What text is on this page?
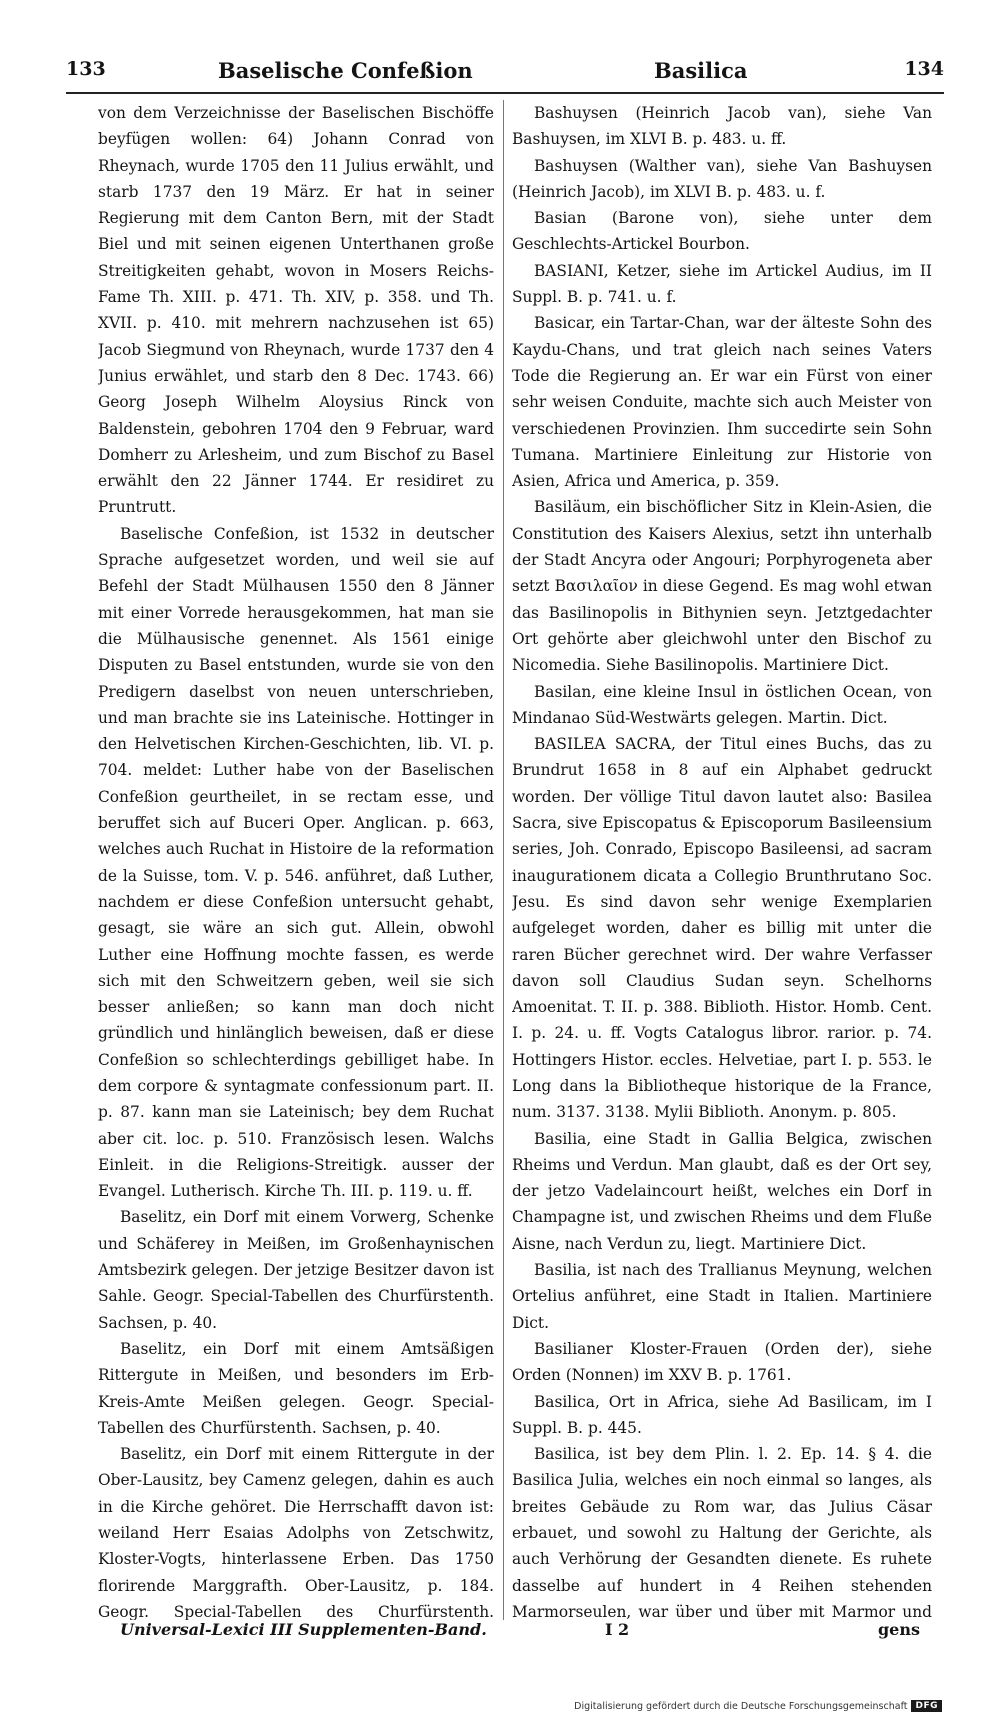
133	Baselische Confeßion	Basilica	134

von dem Verzeichnisse der Baselischen Bischöffe beyfügen wollen: 64) Johann Conrad von Rheynach, wurde 1705 den 11 Julius erwählt, und starb 1737 den 19 März. Er hat in seiner Regierung mit dem Canton Bern, mit der Stadt Biel und mit seinen eigenen Unterthanen große Streitigkeiten gehabt, wovon in Mosers Reichs-Fame Th. XIII. p. 471. Th. XIV, p. 358. und Th. XVII. p. 410. mit mehrern nachzusehen ist 65) Jacob Siegmund von Rheynach, wurde 1737 den 4 Junius erwählet, und starb den 8 Dec. 1743. 66) Georg Joseph Wilhelm Aloysius Rinck von Baldenstein, gebohren 1704 den 9 Februar, ward Domherr zu Arlesheim, und zum Bischof zu Basel erwählt den 22 Jänner 1744. Er residiret zu Pruntrutt.

Baselische Confeßion, ist 1532 in deutscher Sprache aufgesetzet worden, und weil sie auf Befehl der Stadt Mülhausen 1550 den 8 Jänner mit einer Vorrede herausgekommen, hat man sie die Mülhausische genennet. Als 1561 einige Disputen zu Basel entstunden, wurde sie von den Predigern daselbst von neuen unterschrieben, und man brachte sie ins Lateinische. Hottinger in den Helvetischen Kirchen-Geschichten, lib. VI. p. 704. meldet: Luther habe von der Baselischen Confeßion geurtheilet, in se rectam esse, und beruffet sich auf Buceri Oper. Anglican. p. 663, welches auch Ruchat in Histoire de la reformation de la Suisse, tom. V. p. 546. anführet, daß Luther, nachdem er diese Confeßion untersucht gehabt, gesagt, sie wäre an sich gut. Allein, obwohl Luther eine Hoffnung mochte fassen, es werde sich mit den Schweitzern geben, weil sie sich besser anließen; so kann man doch nicht gründlich und hinlänglich beweisen, daß er diese Confeßion so schlechterdings gebilliget habe. In dem corpore & syntagmate confessionum part. II. p. 87. kann man sie Lateinisch; bey dem Ruchat aber cit. loc. p. 510. Französisch lesen. Walchs Einleit. in die Religions-Streitigk. ausser der Evangel. Lutherisch. Kirche Th. III. p. 119. u. ff.

Baselitz, ein Dorf mit einem Vorwerg, Schenke und Schäferey in Meißen, im Großenhaynischen Amtsbezirk gelegen. Der jetzige Besitzer davon ist Sahle. Geogr. Special-Tabellen des Churfürstenth. Sachsen, p. 40.

Baselitz, ein Dorf mit einem Amtsäßigen Rittergute in Meißen, und besonders im Erb-Kreis-Amte Meißen gelegen. Geogr. Special-Tabellen des Churfürstenth. Sachsen, p. 40.

Baselitz, ein Dorf mit einem Rittergute in der Ober-Lausitz, bey Camenz gelegen, dahin es auch in die Kirche gehöret. Die Herrschafft davon ist: weiland Herr Esaias Adolphs von Zetschwitz, Kloster-Vogts, hinterlassene Erben. Das 1750 florirende Marggrafth. Ober-Lausitz, p. 184. Geogr. Special-Tabellen des Churfürstenth.

Bashuysen (Heinrich Jacob van), siehe Van Bashuysen, im XLVI B. p. 483. u. ff.

Bashuysen (Walther van), siehe Van Bashuysen (Heinrich Jacob), im XLVI B. p. 483. u. f.

Basian (Barone von), siehe unter dem Geschlechts-Artickel Bourbon.

BASIANI, Ketzer, siehe im Artickel Audius, im II Suppl. B. p. 741. u. f.

Basicar, ein Tartar-Chan, war der älteste Sohn des Kaydu-Chans, und trat gleich nach seines Vaters Tode die Regierung an. Er war ein Fürst von einer sehr weisen Conduite, machte sich auch Meister von verschiedenen Provinzien. Ihm succedirte sein Sohn Tumana. Martiniere Einleitung zur Historie von Asien, Africa und America, p. 359.

Basiläum, ein bischöflicher Sitz in Klein-Asien, die Constitution des Kaisers Alexius, setzt ihn unterhalb der Stadt Ancyra oder Angouri; Porphyrogeneta aber setzt Βασιλαῖον in diese Gegend. Es mag wohl etwan das Basilinopolis in Bithynien seyn. Jetztgedachter Ort gehörte aber gleichwohl unter den Bischof zu Nicomedia. Siehe Basilinopolis. Martiniere Dict.

Basilan, eine kleine Insul in östlichen Ocean, von Mindanao Süd-Westwärts gelegen. Martin. Dict.

BASILEA SACRA, der Titul eines Buchs, das zu Brundrut 1658 in 8 auf ein Alphabet gedruckt worden. Der völlige Titul davon lautet also: Basilea Sacra, sive Episcopatus & Episcoporum Basileensium series, Joh. Conrado, Episcopo Basileensi, ad sacram inaugurationem dicata a Collegio Brunthrutano Soc. Jesu. Es sind davon sehr wenige Exemplarien aufgeleget worden, daher es billig mit unter die raren Bücher gerechnet wird. Der wahre Verfasser davon soll Claudius Sudan seyn. Schelhorns Amoenitat. T. II. p. 388. Biblioth. Histor. Homb. Cent. I. p. 24. u. ff. Vogts Catalogus libror. rarior. p. 74. Hottingers Histor. eccles. Helvetiae, part I. p. 553. le Long dans la Bibliotheque historique de la France, num. 3137. 3138. Mylii Biblioth. Anonym. p. 805.

Basilia, eine Stadt in Gallia Belgica, zwischen Rheims und Verdun. Man glaubt, daß es der Ort sey, der jetzo Vadelaincourt heißt, welches ein Dorf in Champagne ist, und zwischen Rheims und dem Fluße Aisne, nach Verdun zu, liegt. Martiniere Dict.

Basilia, ist nach des Trallianus Meynung, welchen Ortelius anführet, eine Stadt in Italien. Martiniere Dict.

Basilianer Kloster-Frauen (Orden der), siehe Orden (Nonnen) im XXV B. p. 1761.

Basilica, Ort in Africa, siehe Ad Basilicam, im I Suppl. B. p. 445.

Basilica, ist bey dem Plin. l. 2. Ep. 14. § 4. die Basilica Julia, welches ein noch einmal so langes, als breites Gebäude zu Rom war, das Julius Cäsar erbauet, und sowohl zu Haltung der Gerichte, als auch Verhörung der Gesandten dienete. Es ruhete dasselbe auf hundert in 4 Reihen stehenden Marmorseulen, war über und über mit Marmor und

Universal-Lexici III Supplementen-Band.	I 2	gens
Digitalisierung gefördert durch die Deutsche Forschungsgemeinschaft DFG
